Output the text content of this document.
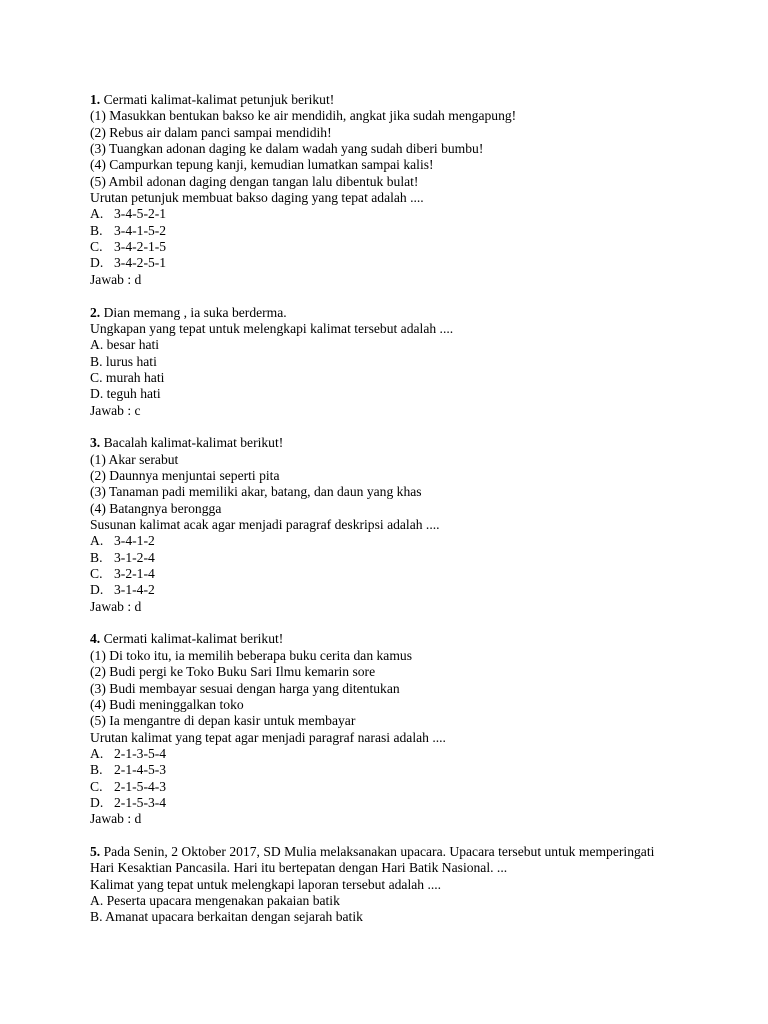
1. Cermati kalimat-kalimat petunjuk berikut!
(1) Masukkan bentukan bakso ke air mendidih, angkat jika sudah mengapung!
(2) Rebus air dalam panci sampai mendidih!
(3) Tuangkan adonan daging ke dalam wadah yang sudah diberi bumbu!
(4) Campurkan tepung kanji, kemudian lumatkan sampai kalis!
(5) Ambil adonan daging dengan tangan lalu dibentuk bulat!
Urutan petunjuk membuat bakso daging yang tepat adalah ....
A. 3-4-5-2-1
B. 3-4-1-5-2
C. 3-4-2-1-5
D. 3-4-2-5-1
Jawab : d
2. Dian memang , ia suka berderma.
Ungkapan yang tepat untuk melengkapi kalimat tersebut adalah ....
A. besar hati
B. lurus hati
C. murah hati
D. teguh hati
Jawab : c
3. Bacalah kalimat-kalimat berikut!
(1) Akar serabut
(2) Daunnya menjuntai seperti pita
(3) Tanaman padi memiliki akar, batang, dan daun yang khas
(4) Batangnya berongga
Susunan kalimat acak agar menjadi paragraf deskripsi adalah ....
A. 3-4-1-2
B. 3-1-2-4
C. 3-2-1-4
D. 3-1-4-2
Jawab : d
4. Cermati kalimat-kalimat berikut!
(1) Di toko itu, ia memilih beberapa buku cerita dan kamus
(2) Budi pergi ke Toko Buku Sari Ilmu kemarin sore
(3) Budi membayar sesuai dengan harga yang ditentukan
(4) Budi meninggalkan toko
(5) Ia mengantre di depan kasir untuk membayar
Urutan kalimat yang tepat agar menjadi paragraf narasi adalah ....
A. 2-1-3-5-4
B. 2-1-4-5-3
C. 2-1-5-4-3
D. 2-1-5-3-4
Jawab : d
5. Pada Senin, 2 Oktober 2017, SD Mulia melaksanakan upacara. Upacara tersebut untuk memperingati
Hari Kesaktian Pancasila. Hari itu bertepatan dengan Hari Batik Nasional. ...
Kalimat yang tepat untuk melengkapi laporan tersebut adalah ....
A. Peserta upacara mengenakan pakaian batik
B. Amanat upacara berkaitan dengan sejarah batik
